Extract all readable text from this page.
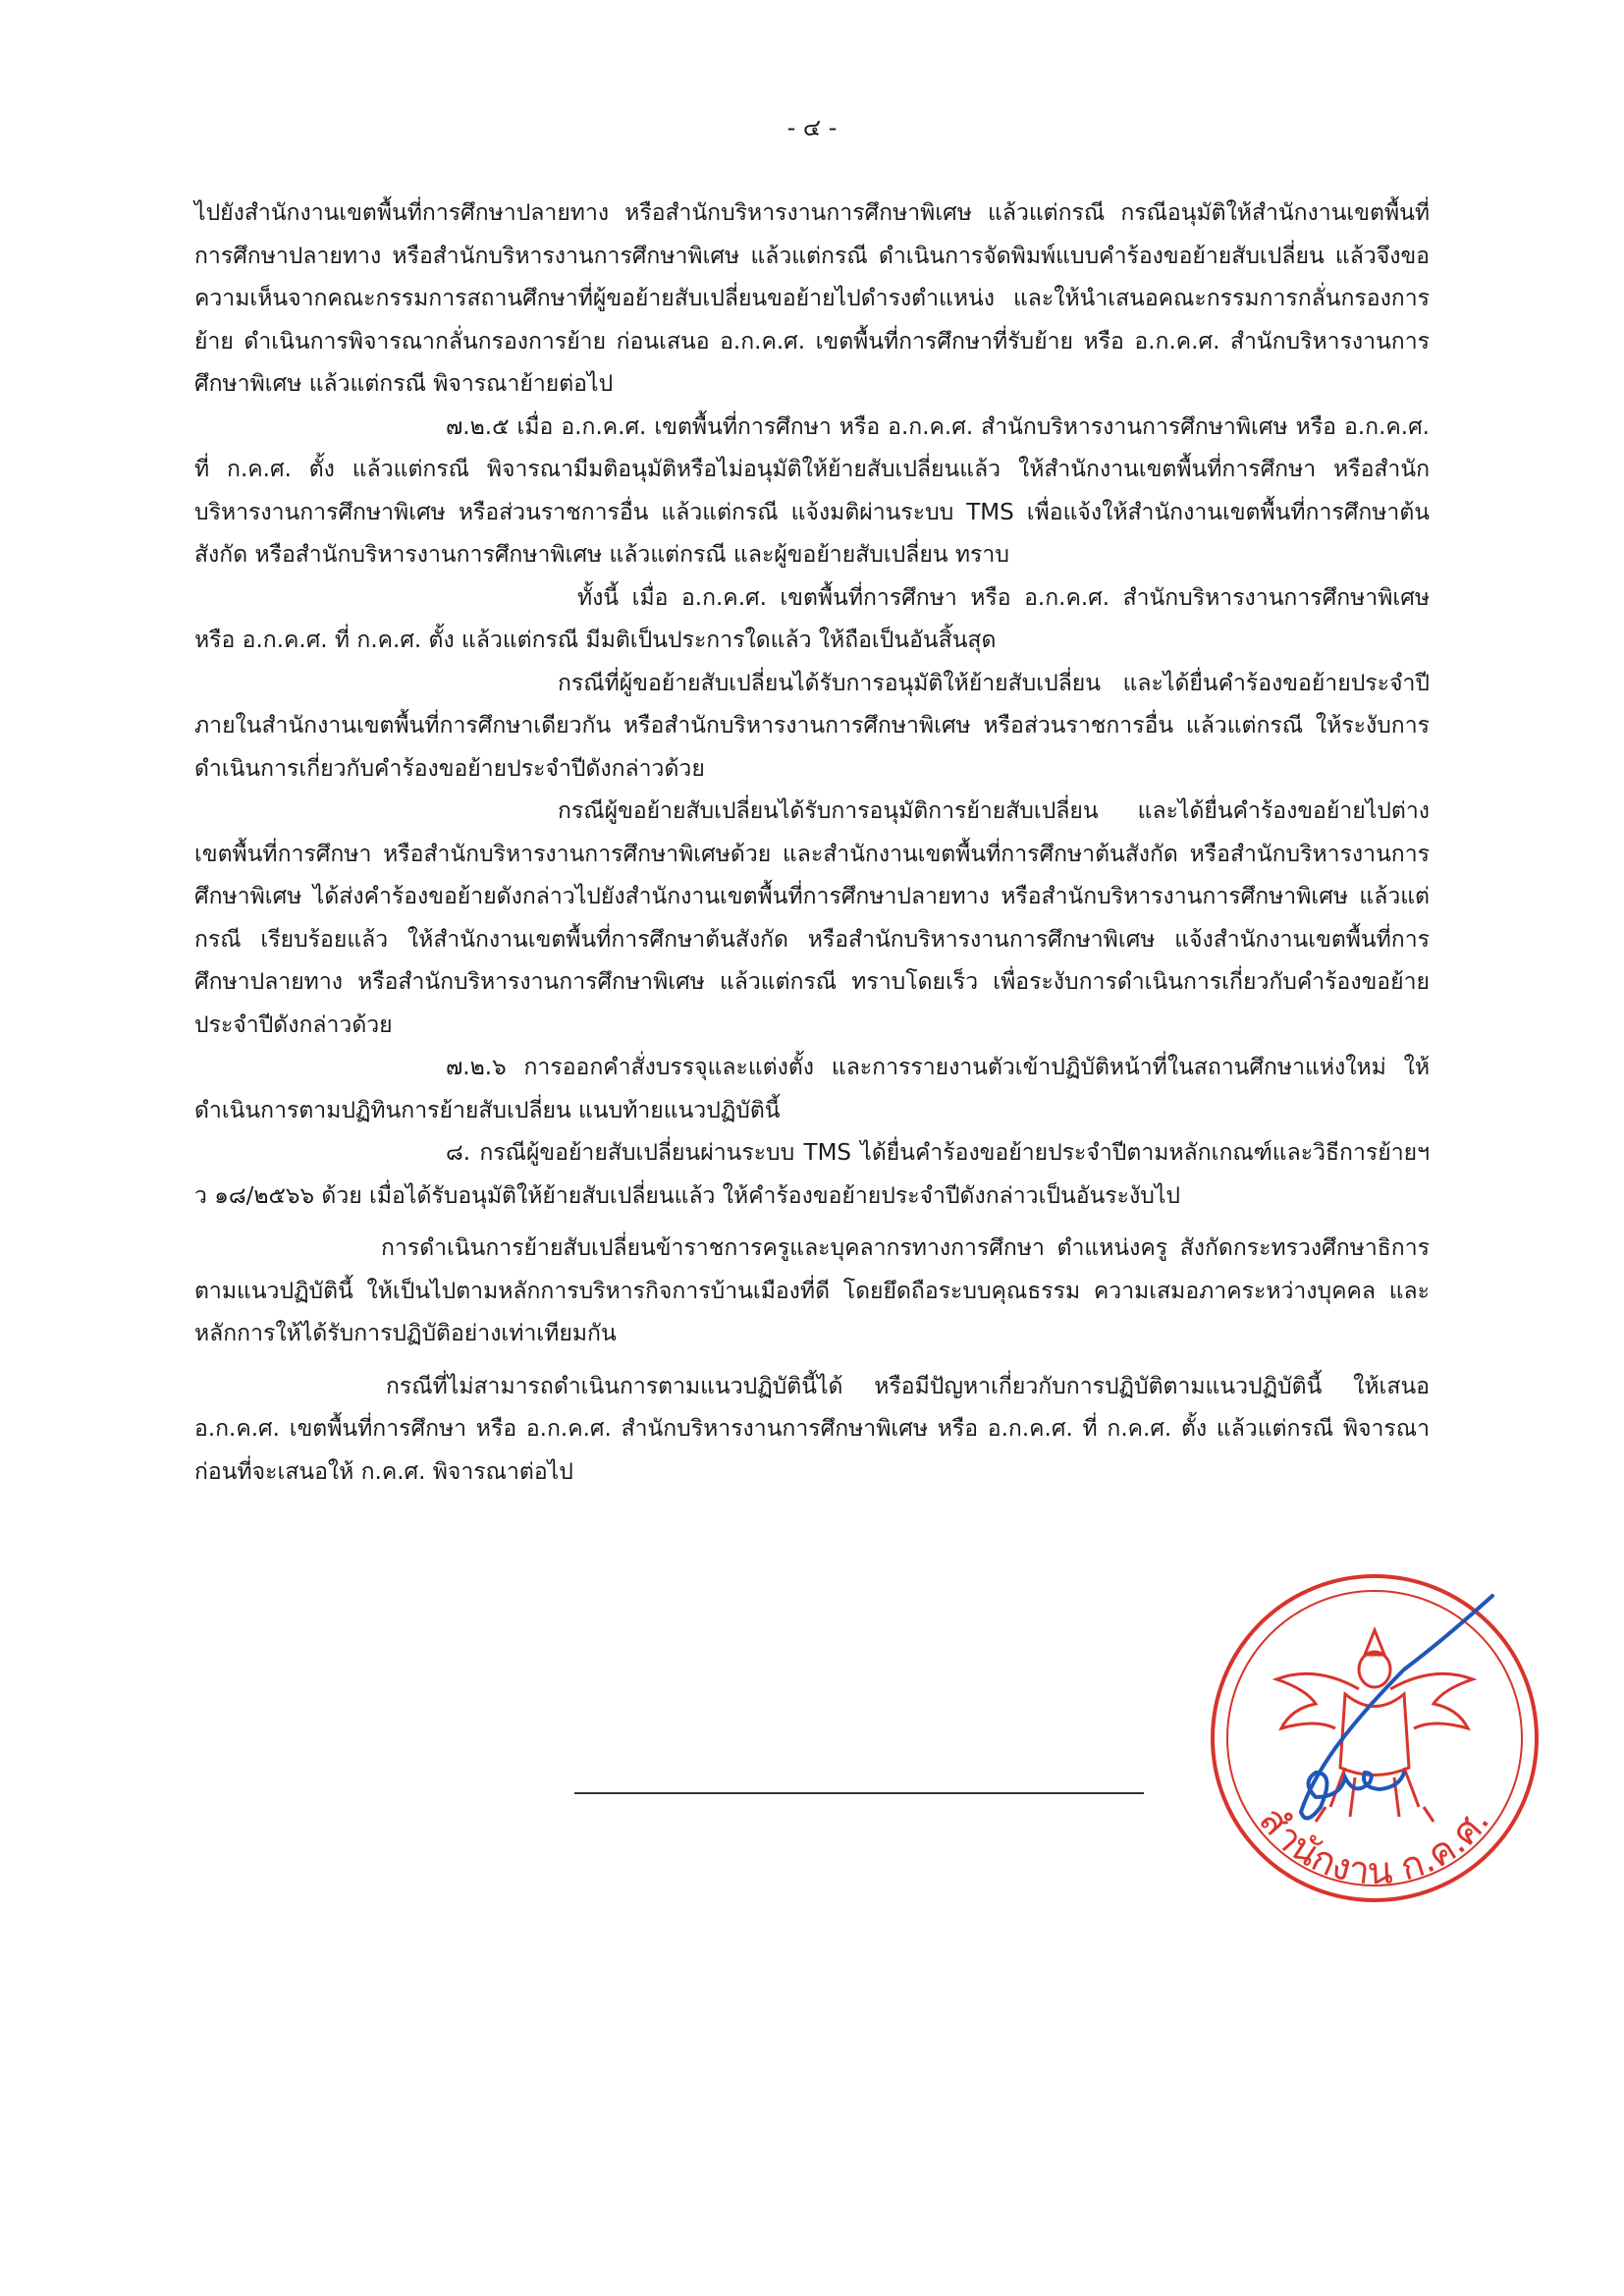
- ๔ -

ไปยังสำนักงานเขตพื้นที่การศึกษาปลายทาง หรือสำนักบริหารงานการศึกษาพิเศษ แล้วแต่กรณี กรณีอนุมัติให้สำนักงานเขตพื้นที่การศึกษาปลายทาง หรือสำนักบริหารงานการศึกษาพิเศษ แล้วแต่กรณี ดำเนินการจัดพิมพ์แบบคำร้องขอย้ายสับเปลี่ยน แล้วจึงขอความเห็นจากคณะกรรมการสถานศึกษาที่ผู้ขอย้ายสับเปลี่ยนขอย้ายไปดำรงตำแหน่ง และให้นำเสนอคณะกรรมการกลั่นกรองการย้าย ดำเนินการพิจารณากลั่นกรองการย้าย ก่อนเสนอ อ.ก.ค.ศ. เขตพื้นที่การศึกษาที่รับย้าย หรือ อ.ก.ค.ศ. สำนักบริหารงานการศึกษาพิเศษ แล้วแต่กรณี พิจารณาย้ายต่อไป

๗.๒.๕ เมื่อ อ.ก.ค.ศ. เขตพื้นที่การศึกษา หรือ อ.ก.ค.ศ. สำนักบริหารงานการศึกษาพิเศษ หรือ อ.ก.ค.ศ. ที่ ก.ค.ศ. ตั้ง แล้วแต่กรณี พิจารณามีมติอนุมัติหรือไม่อนุมัติให้ย้ายสับเปลี่ยนแล้ว ให้สำนักงานเขตพื้นที่การศึกษา หรือสำนักบริหารงานการศึกษาพิเศษ หรือส่วนราชการอื่น แล้วแต่กรณี แจ้งมติผ่านระบบ TMS เพื่อแจ้งให้สำนักงานเขตพื้นที่การศึกษาต้นสังกัด หรือสำนักบริหารงานการศึกษาพิเศษ แล้วแต่กรณี และผู้ขอย้ายสับเปลี่ยน ทราบ

ทั้งนี้ เมื่อ อ.ก.ค.ศ. เขตพื้นที่การศึกษา หรือ อ.ก.ค.ศ. สำนักบริหารงานการศึกษาพิเศษ หรือ อ.ก.ค.ศ. ที่ ก.ค.ศ. ตั้ง แล้วแต่กรณี มีมติเป็นประการใดแล้ว ให้ถือเป็นอันสิ้นสุด

กรณีที่ผู้ขอย้ายสับเปลี่ยนได้รับการอนุมัติให้ย้ายสับเปลี่ยน และได้ยื่นคำร้องขอย้ายประจำปีภายในสำนักงานเขตพื้นที่การศึกษาเดียวกัน หรือสำนักบริหารงานการศึกษาพิเศษ หรือส่วนราชการอื่น แล้วแต่กรณี ให้ระงับการดำเนินการเกี่ยวกับคำร้องขอย้ายประจำปีดังกล่าวด้วย

กรณีผู้ขอย้ายสับเปลี่ยนได้รับการอนุมัติการย้ายสับเปลี่ยน และได้ยื่นคำร้องขอย้ายไปต่างเขตพื้นที่การศึกษา หรือสำนักบริหารงานการศึกษาพิเศษด้วย และสำนักงานเขตพื้นที่การศึกษาต้นสังกัด หรือสำนักบริหารงานการศึกษาพิเศษ ได้ส่งคำร้องขอย้ายดังกล่าวไปยังสำนักงานเขตพื้นที่การศึกษาปลายทาง หรือสำนักบริหารงานการศึกษาพิเศษ แล้วแต่กรณี เรียบร้อยแล้ว ให้สำนักงานเขตพื้นที่การศึกษาต้นสังกัด หรือสำนักบริหารงานการศึกษาพิเศษ แจ้งสำนักงานเขตพื้นที่การศึกษาปลายทาง หรือสำนักบริหารงานการศึกษาพิเศษ แล้วแต่กรณี ทราบโดยเร็ว เพื่อระงับการดำเนินการเกี่ยวกับคำร้องขอย้ายประจำปีดังกล่าวด้วย

๗.๒.๖ การออกคำสั่งบรรจุและแต่งตั้ง และการรายงานตัวเข้าปฏิบัติหน้าที่ในสถานศึกษาแห่งใหม่ ให้ดำเนินการตามปฏิทินการย้ายสับเปลี่ยน แนบท้ายแนวปฏิบัตินี้

๘. กรณีผู้ขอย้ายสับเปลี่ยนผ่านระบบ TMS ได้ยื่นคำร้องขอย้ายประจำปีตามหลักเกณฑ์และวิธีการย้ายฯ ว ๑๘/๒๕๖๖ ด้วย เมื่อได้รับอนุมัติให้ย้ายสับเปลี่ยนแล้ว ให้คำร้องขอย้ายประจำปีดังกล่าวเป็นอันระงับไป

การดำเนินการย้ายสับเปลี่ยนข้าราชการครูและบุคลากรทางการศึกษา ตำแหน่งครู สังกัดกระทรวงศึกษาธิการ ตามแนวปฏิบัตินี้ ให้เป็นไปตามหลักการบริหารกิจการบ้านเมืองที่ดี โดยยึดถือระบบคุณธรรม ความเสมอภาคระหว่างบุคคล และหลักการให้ได้รับการปฏิบัติอย่างเท่าเทียมกัน

กรณีที่ไม่สามารถดำเนินการตามแนวปฏิบัตินี้ได้ หรือมีปัญหาเกี่ยวกับการปฏิบัติตามแนวปฏิบัตินี้ ให้เสนอ อ.ก.ค.ศ. เขตพื้นที่การศึกษา หรือ อ.ก.ค.ศ. สำนักบริหารงานการศึกษาพิเศษ หรือ อ.ก.ค.ศ. ที่ ก.ค.ศ. ตั้ง แล้วแต่กรณี พิจารณาก่อนที่จะเสนอให้ ก.ค.ศ. พิจารณาต่อไป

สำนักงาน ก.ค.ศ.
